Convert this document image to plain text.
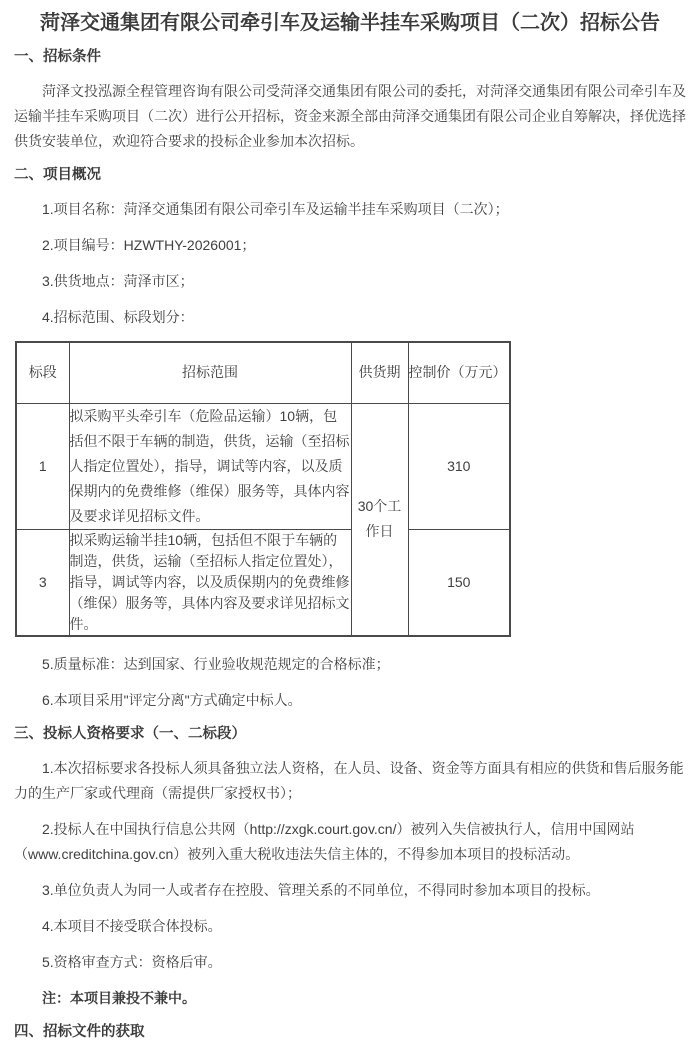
菏泽交通集团有限公司牵引车及运输半挂车采购项目（二次）招标公告
一、招标条件

菏泽文投泓源全程管理咨询有限公司受菏泽交通集团有限公司的委托，对菏泽交通集团有限公司牵引车及运输半挂车采购项目（二次）进行公开招标，资金来源全部由菏泽交通集团有限公司企业自筹解决，择优选择供货安装单位，欢迎符合要求的投标企业参加本次招标。

二、项目概况

1.项目名称：菏泽交通集团有限公司牵引车及运输半挂车采购项目（二次）；

2.项目编号：HZWTHY-2026001；

3.供货地点：菏泽市区；

4.招标范围、标段划分：

标段	招标范围	供货期	控制价（万元）
1	拟采购平头牵引车（危险品运输）10辆，包括但不限于车辆的制造，供货，运输（至招标人指定位置处），指导，调试等内容，以及质保期内的免费维修（维保）服务等，具体内容及要求详见招标文件。	30个工作日	310
3	拟采购运输半挂10辆，包括但不限于车辆的制造，供货，运输（至招标人指定位置处），指导，调试等内容，以及质保期内的免费维修（维保）服务等，具体内容及要求详见招标文件。		150

5.质量标准：达到国家、行业验收规范规定的合格标准；

6.本项目采用"评定分离"方式确定中标人。

三、投标人资格要求（一、二标段）

1.本次招标要求各投标人须具备独立法人资格，在人员、设备、资金等方面具有相应的供货和售后服务能力的生产厂家或代理商（需提供厂家授权书）；

2.投标人在中国执行信息公共网（http://zxgk.court.gov.cn/）被列入失信被执行人，信用中国网站（www.creditchina.gov.cn）被列入重大税收违法失信主体的，不得参加本项目的投标活动。

3.单位负责人为同一人或者存在控股、管理关系的不同单位，不得同时参加本项目的投标。

4.本项目不接受联合体投标。

5.资格审查方式：资格后审。

注：本项目兼投不兼中。

四、招标文件的获取
